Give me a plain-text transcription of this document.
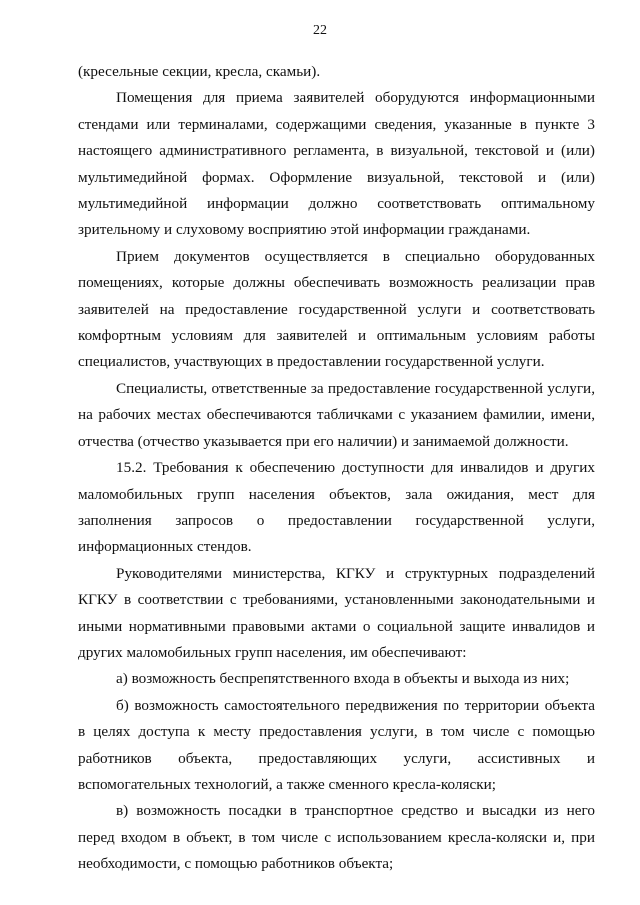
22

(кресельные секции, кресла, скамьи).

Помещения для приема заявителей оборудуются информационными стендами или терминалами, содержащими сведения, указанные в пункте 3 настоящего административного регламента, в визуальной, текстовой и (или) мультимедийной формах. Оформление визуальной, текстовой и (или) мультимедийной информации должно соответствовать оптимальному зрительному и слуховому восприятию этой информации гражданами.

Прием документов осуществляется в специально оборудованных помещениях, которые должны обеспечивать возможность реализации прав заявителей на предоставление государственной услуги и соответствовать комфортным условиям для заявителей и оптимальным условиям работы специалистов, участвующих в предоставлении государственной услуги.

Специалисты, ответственные за предоставление государственной услуги, на рабочих местах обеспечиваются табличками с указанием фамилии, имени, отчества (отчество указывается при его наличии) и занимаемой должности.

15.2. Требования к обеспечению доступности для инвалидов и других маломобильных групп населения объектов, зала ожидания, мест для заполнения запросов о предоставлении государственной услуги, информационных стендов.

Руководителями министерства, КГКУ и структурных подразделений КГКУ в соответствии с требованиями, установленными законодательными и иными нормативными правовыми актами о социальной защите инвалидов и других маломобильных групп населения, им обеспечивают:

а) возможность беспрепятственного входа в объекты и выхода из них;

б) возможность самостоятельного передвижения по территории объекта в целях доступа к месту предоставления услуги, в том числе с помощью работников объекта, предоставляющих услуги, ассистивных и вспомогательных технологий, а также сменного кресла-коляски;

в) возможность посадки в транспортное средство и высадки из него перед входом в объект, в том числе с использованием кресла-коляски и, при необходимости, с помощью работников объекта;
